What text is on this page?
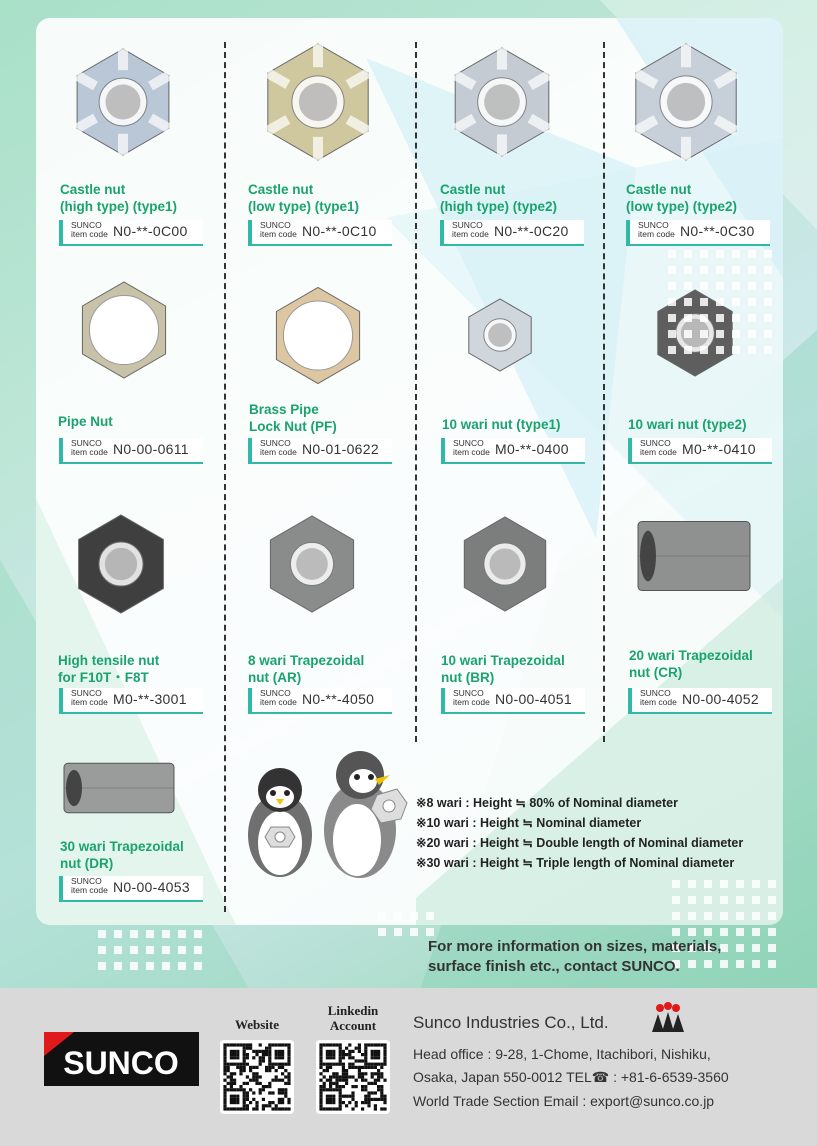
Castle nut
(high type) (type1)
SUNCO
item code N0-**-0C00
Castle nut
(low type) (type1)
SUNCO
item code N0-**-0C10
Castle nut
(high type) (type2)
SUNCO
item code N0-**-0C20
Castle nut
(low type) (type2)
SUNCO
item code N0-**-0C30
Pipe Nut
SUNCO
item code N0-00-0611
Brass Pipe
Lock Nut (PF)
SUNCO
item code N0-01-0622
10 wari nut (type1)
SUNCO
item code M0-**-0400
10 wari nut (type2)
SUNCO
item code M0-**-0410
High tensile nut
for F10T・F8T
SUNCO
item code M0-**-3001
8 wari Trapezoidal
nut (AR)
SUNCO
item code N0-**-4050
10 wari Trapezoidal
nut (BR)
SUNCO
item code N0-00-4051
20 wari Trapezoidal
nut (CR)
SUNCO
item code N0-00-4052
30 wari Trapezoidal
nut (DR)
SUNCO
item code N0-00-4053
※8 wari : Height ≒ 80% of Nominal diameter
※10 wari : Height ≒ Nominal diameter
※20 wari : Height ≒ Double length of Nominal diameter
※30 wari : Height ≒ Triple length of Nominal diameter
For more information on sizes, materials,
surface finish etc., contact SUNCO.
SUNCO
Website
Linkedin
Account	Sunco Industries Co., Ltd.
Head office : 9-28, 1-Chome, Itachibori, Nishiku,
Osaka, Japan 550-0012 TEL☎ : +81-6-6539-3560
World Trade Section Email : export@sunco.co.jp
